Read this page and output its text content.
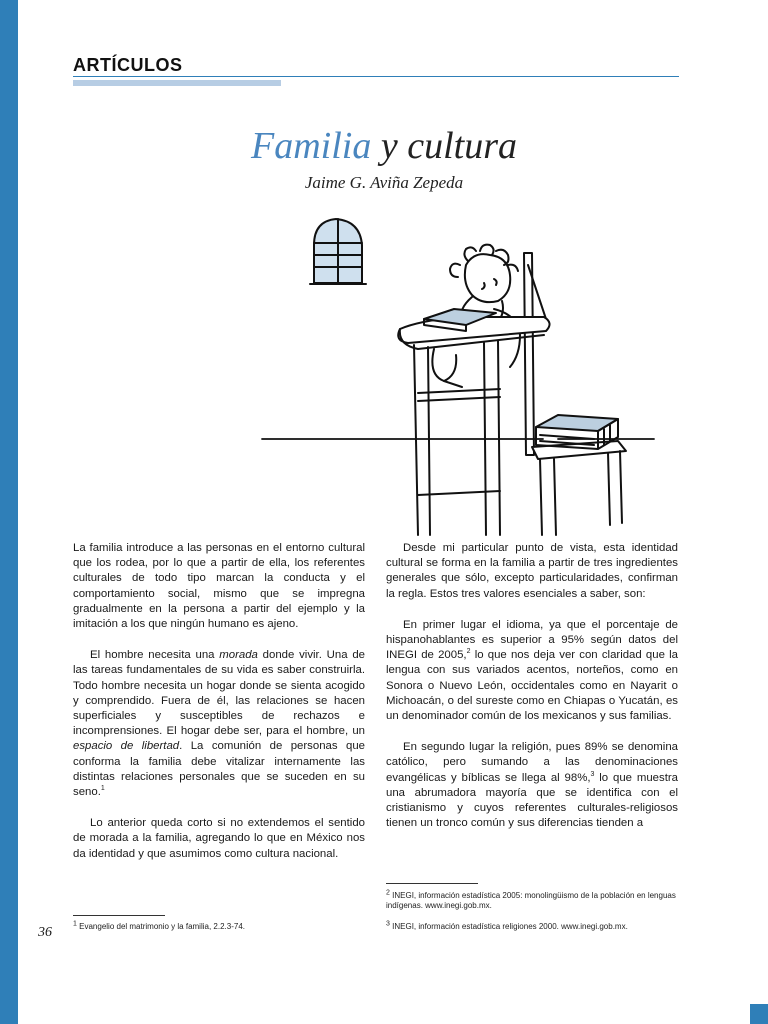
ARTÍCULOS
Familia y cultura
Jaime G. Aviña Zepeda

La familia introduce a las personas en el entorno cultural que los rodea, por lo que a partir de ella, los referentes culturales de todo tipo marcan la conducta y el comportamiento social, mismo que se impregna gradualmente en la persona a partir del ejemplo y la imitación a los que ningún humano es ajeno.

El hombre necesita una morada donde vivir. Una de las tareas fundamentales de su vida es saber construirla. Todo hombre necesita un hogar donde se sienta acogido y comprendido. Fuera de él, las relaciones se hacen superficiales y susceptibles de rechazos e incomprensiones. El hogar debe ser, para el hombre, un espacio de libertad. La comunión de personas que conforma la familia debe vitalizar internamente las distintas relaciones personales que se suceden en su seno.$^1$

Lo anterior queda corto si no extendemos el sentido de morada a la familia, agregando lo que en México nos da identidad y que asumimos como cultura nacional.

Desde mi particular punto de vista, esta identidad cultural se forma en la familia a partir de tres ingredientes generales que sólo, excepto particularidades, confirman la regla. Estos tres valores esenciales a saber, son:

En primer lugar el idioma, ya que el porcentaje de hispanohablantes es superior a 95% según datos del INEGI de 2005,$^2$ lo que nos deja ver con claridad que la lengua con sus variados acentos, norteños, como en Sonora o Nuevo León, occidentales como en Nayarit o Michoacán, o del sureste como en Chiapas o Yucatán, es un denominador común de los mexicanos y sus familias.

En segundo lugar la religión, pues 89% se denomina católico, pero sumando a las denominaciones evangélicas y bíblicas se llega al 98%,$^3$ lo que muestra una abrumadora mayoría que se identifica con el cristianismo y cuyos referentes culturales-religiosos tienen un tronco común y sus diferencias tienden a

$^2$ INEGI, información estadística 2005: monolingüismo de la población en lenguas indígenas. www.inegi.gob.mx.
$^3$ INEGI, información estadística religiones 2000. www.inegi.gob.mx.
$^1$ Evangelio del matrimonio y la familia, 2.2.3-74.
36
